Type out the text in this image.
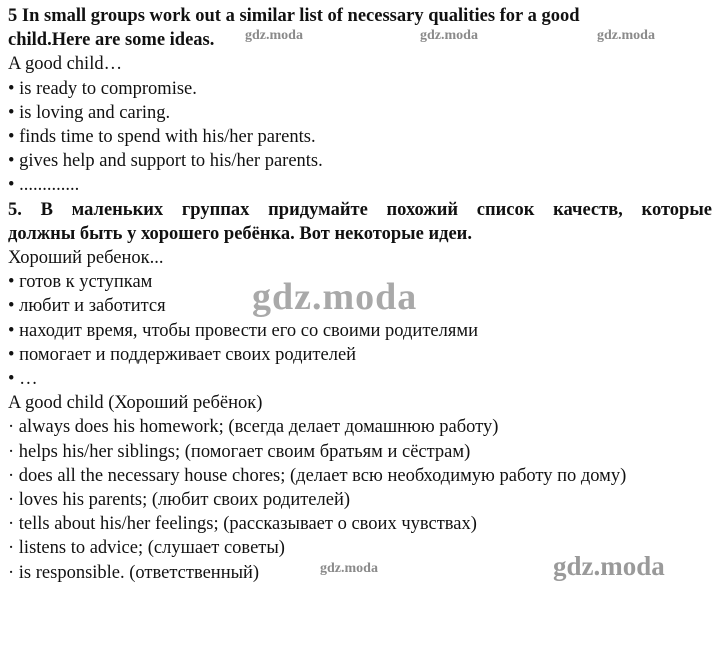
5 In small groups work out a similar list of necessary qualities for a good
child.Here are some ideas.
A good child…
• is ready to compromise.
• is loving and caring.
• finds time to spend with his/her parents.
• gives help and support to his/her parents.
• .............
5. В маленьких группах придумайте похожий список качеств, которые
должны быть у хорошего ребёнка. Вот некоторые идеи.
Хороший ребенок...
• готов к уступкам
• любит и заботится
• находит время, чтобы провести его со своими родителями
• помогает и поддерживает своих родителей
• …
A good child (Хороший ребёнок)
· always does his homework; (всегда делает домашнюю работу)
· helps his/her siblings; (помогает своим братьям и сёстрам)
· does all the necessary house chores; (делает всю необходимую работу по дому)
· loves his parents; (любит своих родителей)
· tells about his/her feelings; (рассказывает о своих чувствах)
· listens to advice; (слушает советы)
· is responsible. (ответственный)
gdz.moda	gdz.moda	gdz.moda
gdz.moda
gdz.moda
gdz.moda
